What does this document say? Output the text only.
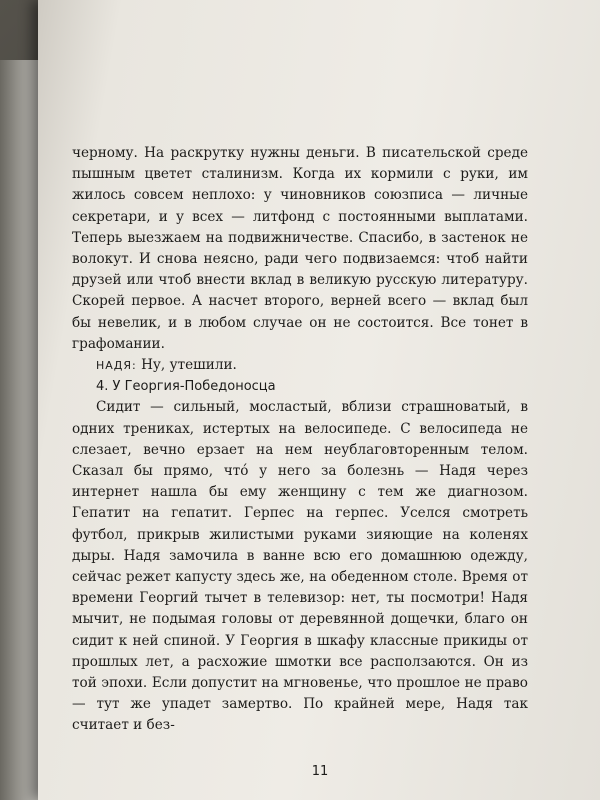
черному. На раскрутку нужны деньги. В писательской среде пышным цветет сталинизм. Когда их кормили с руки, им жилось совсем неплохо: у чиновников союзписа — личные секретари, и у всех — литфонд с постоянными выплатами. Теперь выезжаем на подвижничестве. Спасибо, в застенок не волокут. И снова неясно, ради чего подвизаемся: чтоб найти друзей или чтоб внести вклад в великую русскую литературу. Скорей первое. А насчет второго, верней всего — вклад был бы невелик, и в любом случае он не состоится. Все тонет в графомании.

НАДЯ: Ну, утешили.

4. У Георгия-Победоносца

Сидит — сильный, мосластый, вблизи страшноватый, в одних трениках, истертых на велосипеде. С велосипеда не слезает, вечно ерзает на нем неублаговторенным телом. Сказал бы прямо, чтó у него за болезнь — Надя через интернет нашла бы ему женщину с тем же диагнозом. Гепатит на гепатит. Герпес на герпес. Уселся смотреть футбол, прикрыв жилистыми руками зияющие на коленях дыры. Надя замочила в ванне всю его домашнюю одежду, сейчас режет капусту здесь же, на обеденном столе. Время от времени Георгий тычет в телевизор: нет, ты посмотри! Надя мычит, не подымая головы от деревянной дощечки, благо он сидит к ней спиной. У Георгия в шкафу классные прикиды от прошлых лет, а расхожие шмотки все расползаются. Он из той эпохи. Если допустит на мгновенье, что прошлое не право — тут же упадет замертво. По крайней мере, Надя так считает и без-

11
